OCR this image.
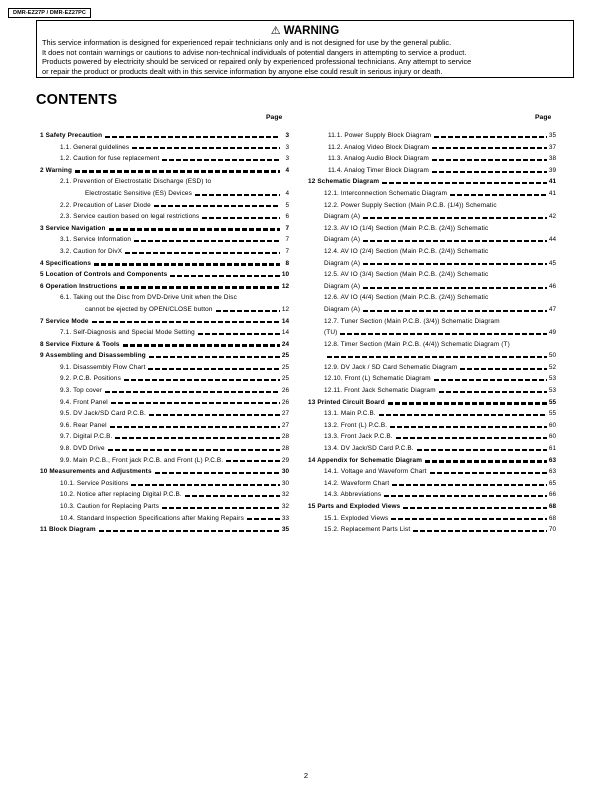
DMR-EZ27P / DMR-EZ27PC
⚠ WARNING
This service information is designed for experienced repair technicians only and is not designed for use by the general public.
It does not contain warnings or cautions to advise non-technical individuals of potential dangers in attempting to service a product.
Products powered by electricity should be serviced or repaired only by experienced professional technicians. Any attempt to service
or repair the product or products dealt with in this service information by anyone else could result in serious injury or death.
CONTENTS
Page	Page
1 Safety Precaution	3
1.1. General guidelines	3
1.2. Caution for fuse replacement	3
2 Warning	4
2.1. Prevention of Electrostatic Discharge (ESD) to
Electrostatic Sensitive (ES) Devices	4
2.2. Precaution of Laser Diode	5
2.3. Service caution based on legal restrictions	6
3 Service Navigation	7
3.1. Service Information	7
3.2. Caution for DivX	7
4 Specifications	8
5 Location of Controls and Components	10
6 Operation Instructions	12
6.1. Taking out the Disc from DVD-Drive Unit when the Disc
cannot be ejected by OPEN/CLOSE button	12
7 Service Mode	14
7.1. Self-Diagnosis and Special Mode Setting	14
8 Service Fixture & Tools	24
9 Assembling and Disassembling	25
9.1. Disassembly Flow Chart	25
9.2. P.C.B. Positions	25
9.3. Top cover	26
9.4. Front Panel	26
9.5. DV Jack/SD Card P.C.B.	27
9.6. Rear Panel	27
9.7. Digital P.C.B.	28
9.8. DVD Drive	28
9.9. Main P.C.B., Front jack P.C.B. and Front (L) P.C.B.	29
10 Measurements and Adjustments	30
10.1. Service Positions	30
10.2. Notice after replacing Digital P.C.B.	32
10.3. Caution for Replacing Parts	32
10.4. Standard Inspection Specifications after Making Repairs	33
11 Block Diagram	35
11.1. Power Supply Block Diagram	35
11.2. Analog Video Block Diagram	37
11.3. Analog Audio Block Diagram	38
11.4. Analog Timer Block Diagram	39
12 Schematic Diagram	41
12.1. Interconnection Schematic Diagram	41
12.2. Power Supply Section (Main P.C.B. (1/4)) Schematic
Diagram (A)	42
12.3. AV IO (1/4) Section (Main P.C.B. (2/4)) Schematic
Diagram (A)	44
12.4. AV IO (2/4) Section (Main P.C.B. (2/4)) Schematic
Diagram (A)	45
12.5. AV IO (3/4) Section (Main P.C.B. (2/4)) Schematic
Diagram (A)	46
12.6. AV IO (4/4) Section (Main P.C.B. (2/4)) Schematic
Diagram (A)	47
12.7. Tuner Section (Main P.C.B. (3/4)) Schematic Diagram
(TU)	49
12.8. Timer Section (Main P.C.B. (4/4)) Schematic Diagram (T)
50
12.9. DV Jack / SD Card Schematic Diagram	52
12.10. Front (L) Schematic Diagram	53
12.11. Front Jack Schematic Diagram	53
13 Printed Circuit Board	55
13.1. Main P.C.B.	55
13.2. Front (L) P.C.B.	60
13.3. Front Jack P.C.B.	60
13.4. DV Jack/SD Card P.C.B.	61
14 Appendix for Schematic Diagram	63
14.1. Voltage and Waveform Chart	63
14.2. Waveform Chart	65
14.3. Abbreviations	66
15 Parts and Exploded Views	68
15.1. Exploded Views	68
15.2. Replacement Parts List	70
2
